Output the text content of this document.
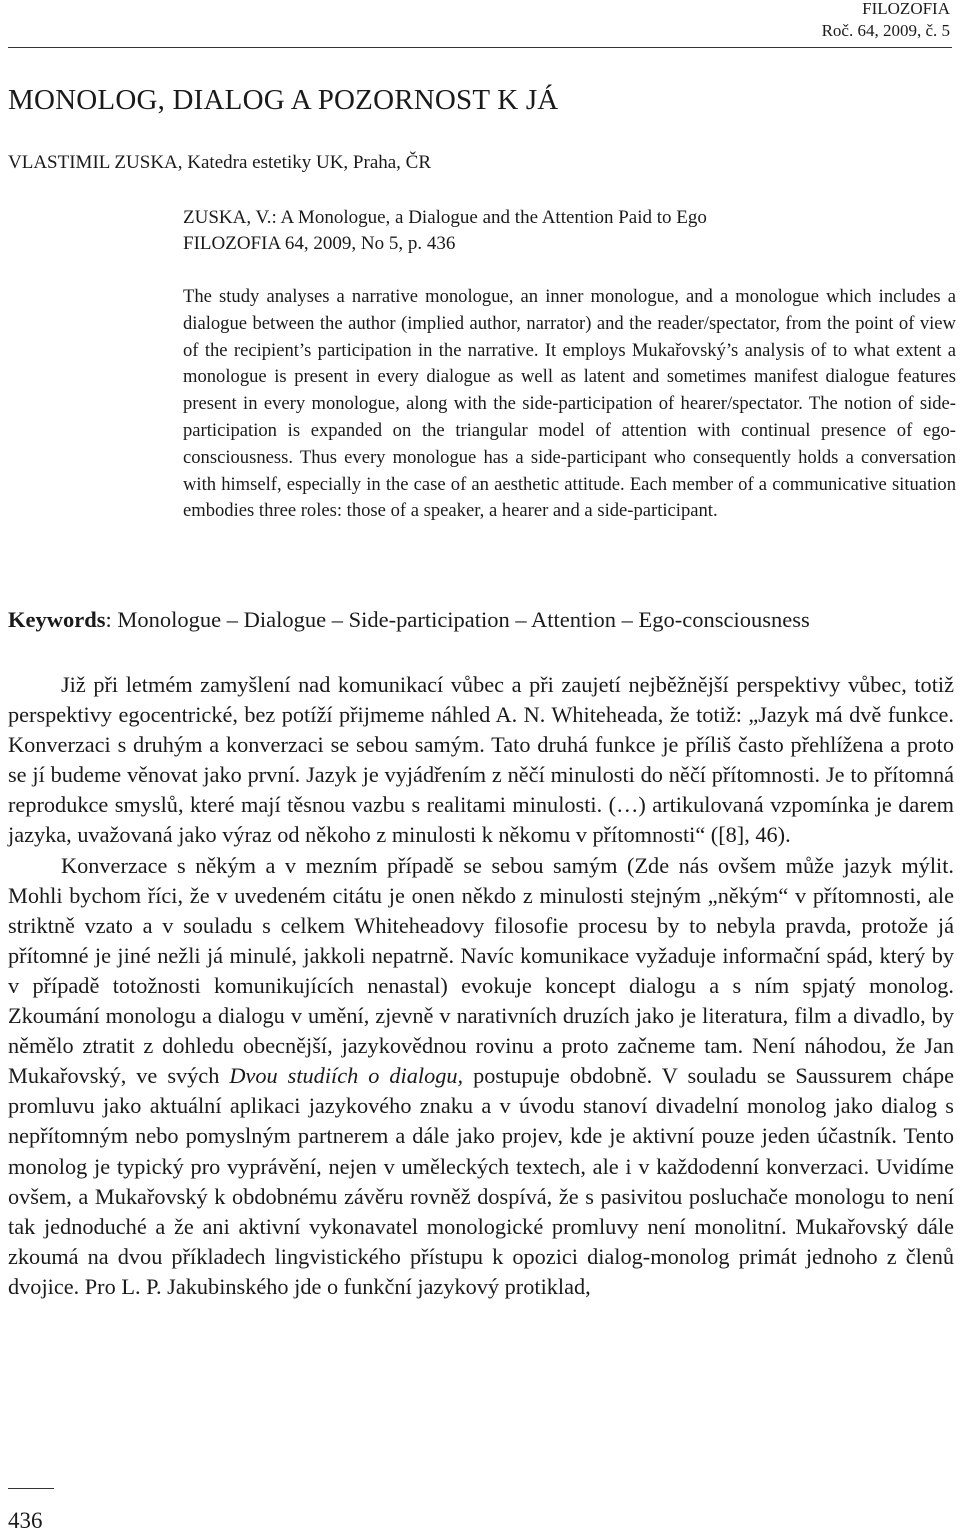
FILOZOFIA
Roč. 64, 2009, č. 5
MONOLOG, DIALOG A POZORNOST K JÁ
VLASTIMIL ZUSKA, Katedra estetiky UK, Praha, ČR
ZUSKA, V.: A Monologue, a Dialogue and the Attention Paid to Ego
FILOZOFIA 64, 2009, No 5, p. 436

The study analyses a narrative monologue, an inner monologue, and a monologue which includes a dialogue between the author (implied author, narrator) and the reader/spectator, from the point of view of the recipient’s participation in the narrative. It employs Mukařovský’s analysis of to what extent a monologue is present in every dialogue as well as latent and sometimes manifest dialogue features present in every monologue, along with the side-participation of hearer/spectator. The notion of side-participation is expanded on the triangular model of attention with continual presence of ego-consciousness. Thus every monologue has a side-participant who consequently holds a conversation with himself, especially in the case of an aesthetic attitude. Each member of a communicative situation embodies three roles: those of a speaker, a hearer and a side-participant.

Keywords: Monologue – Dialogue – Side-participation – Attention – Ego-consciousness

Již při letmém zamyšlení nad komunikací vůbec a při zaujetí nejběžnější perspektivy vůbec, totiž perspektivy egocentrické, bez potíží přijmeme náhled A. N. Whiteheada, že totiž: „Jazyk má dvě funkce. Konverzaci s druhým a konverzaci se sebou samým. Tato druhá funkce je příliš často přehlížena a proto se jí budeme věnovat jako první. Jazyk je vyjádřením z něčí minulosti do něčí přítomnosti. Je to přítomná reprodukce smyslů, které mají těsnou vazbu s realitami minulosti. (…) artikulovaná vzpomínka je darem jazyka, uvažovaná jako výraz od někoho z minulosti k někomu v přítomnosti“ ([8], 46).

Konverzace s někým a v mezním případě se sebou samým (Zde nás ovšem může jazyk mýlit. Mohli bychom říci, že v uvedeném citátu je onen někdo z minulosti stejným „někým“ v přítomnosti, ale striktně vzato a v souladu s celkem Whiteheadovy filosofie procesu by to nebyla pravda, protože já přítomné je jiné nežli já minulé, jakkoli nepatrně. Navíc komunikace vyžaduje informační spád, který by v případě totožnosti komunikujících nenastal) evokuje koncept dialogu a s ním spjatý monolog. Zkoumání monologu a dialogu v umění, zjevně v narativních druzích jako je literatura, film a divadlo, by němělo ztratit z dohledu obecnější, jazykovědnou rovinu a proto začneme tam. Není náhodou, že Jan Mukařovský, ve svých Dvou studiích o dialogu, postupuje obdobně. V souladu se Saussurem chápe promluvu jako aktuální aplikaci jazykového znaku a v úvodu stanoví divadelní monolog jako dialog s nepřítomným nebo pomyslným partnerem a dále jako projev, kde je aktivní pouze jeden účastník. Tento monolog je typický pro vyprávění, nejen v uměleckých textech, ale i v každodenní konverzaci. Uvidíme ovšem, a Mukařovský k obdobnému závěru rovněž dospívá, že s pasivitou posluchače monologu to není tak jednoduché a že ani aktivní vykonavatel monologické promluvy není monolitní. Mukařovský dále zkoumá na dvou příkladech lingvistického přístupu k opozici dialog-monolog primát jednoho z členů dvojice. Pro L. P. Jakubinského jde o funkční jazykový protiklad,

436
